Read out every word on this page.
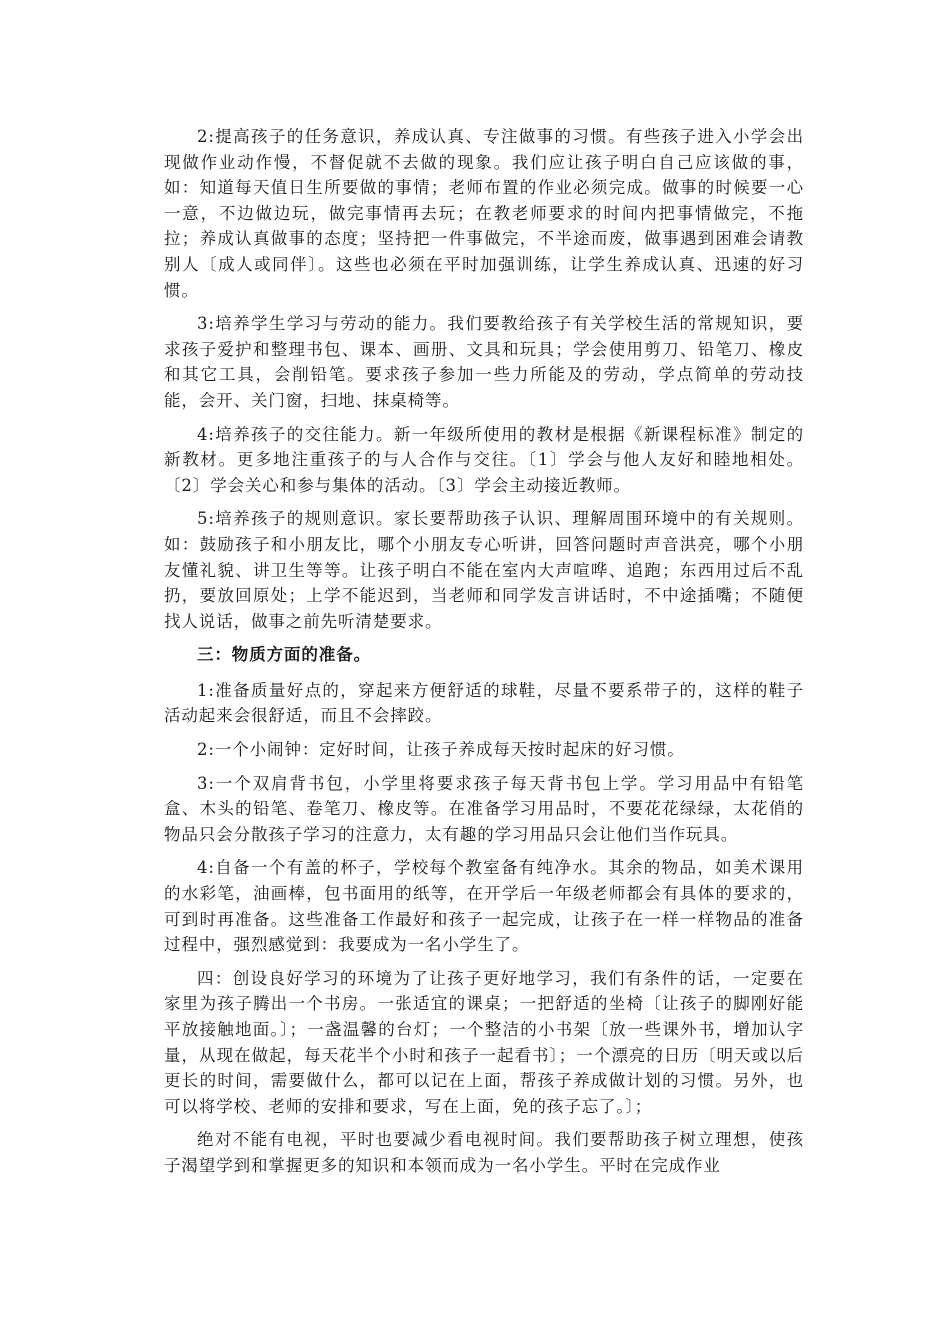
2:提高孩子的任务意识，养成认真、专注做事的习惯。有些孩子进入小学会出现做作业动作慢，不督促就不去做的现象。我们应让孩子明白自己应该做的事，如：知道每天值日生所要做的事情；老师布置的作业必须完成。做事的时候要一心一意，不边做边玩，做完事情再去玩；在教老师要求的时间内把事情做完，不拖拉；养成认真做事的态度；坚持把一件事做完，不半途而废，做事遇到困难会请教别人〔成人或同伴〕。这些也必须在平时加强训练，让学生养成认真、迅速的好习惯。

3:培养学生学习与劳动的能力。我们要教给孩子有关学校生活的常规知识，要求孩子爱护和整理书包、课本、画册、文具和玩具；学会使用剪刀、铅笔刀、橡皮和其它工具，会削铅笔。要求孩子参加一些力所能及的劳动，学点简单的劳动技能，会开、关门窗，扫地、抹桌椅等。

4:培养孩子的交往能力。新一年级所使用的教材是根据《新课程标准》制定的新教材。更多地注重孩子的与人合作与交往。〔1〕学会与他人友好和睦地相处。〔2〕学会关心和参与集体的活动。〔3〕学会主动接近教师。

5:培养孩子的规则意识。家长要帮助孩子认识、理解周围环境中的有关规则。如：鼓励孩子和小朋友比，哪个小朋友专心听讲，回答问题时声音洪亮，哪个小朋友懂礼貌、讲卫生等等。让孩子明白不能在室内大声喧哗、追跑；东西用过后不乱扔，要放回原处；上学不能迟到，当老师和同学发言讲话时，不中途插嘴；不随便找人说话，做事之前先听清楚要求。

三：物质方面的准备。

1:准备质量好点的，穿起来方便舒适的球鞋，尽量不要系带子的，这样的鞋子活动起来会很舒适，而且不会摔跤。

2:一个小闹钟：定好时间，让孩子养成每天按时起床的好习惯。

3:一个双肩背书包，小学里将要求孩子每天背书包上学。学习用品中有铅笔盒、木头的铅笔、卷笔刀、橡皮等。在准备学习用品时，不要花花绿绿，太花俏的物品只会分散孩子学习的注意力，太有趣的学习用品只会让他们当作玩具。

4:自备一个有盖的杯子，学校每个教室备有纯净水。其余的物品，如美术课用的水彩笔，油画棒，包书面用的纸等，在开学后一年级老师都会有具体的要求的，可到时再准备。这些准备工作最好和孩子一起完成，让孩子在一样一样物品的准备过程中，强烈感觉到：我要成为一名小学生了。

四：创设良好学习的环境为了让孩子更好地学习，我们有条件的话，一定要在家里为孩子腾出一个书房。一张适宜的课桌；一把舒适的坐椅〔让孩子的脚刚好能平放接触地面。〕；一盏温馨的台灯；一个整洁的小书架〔放一些课外书，增加认字量，从现在做起，每天花半个小时和孩子一起看书〕；一个漂亮的日历〔明天或以后更长的时间，需要做什么，都可以记在上面，帮孩子养成做计划的习惯。另外，也可以将学校、老师的安排和要求，写在上面，免的孩子忘了。〕；

绝对不能有电视，平时也要减少看电视时间。我们要帮助孩子树立理想，使孩子渴望学到和掌握更多的知识和本领而成为一名小学生。平时在完成作业
